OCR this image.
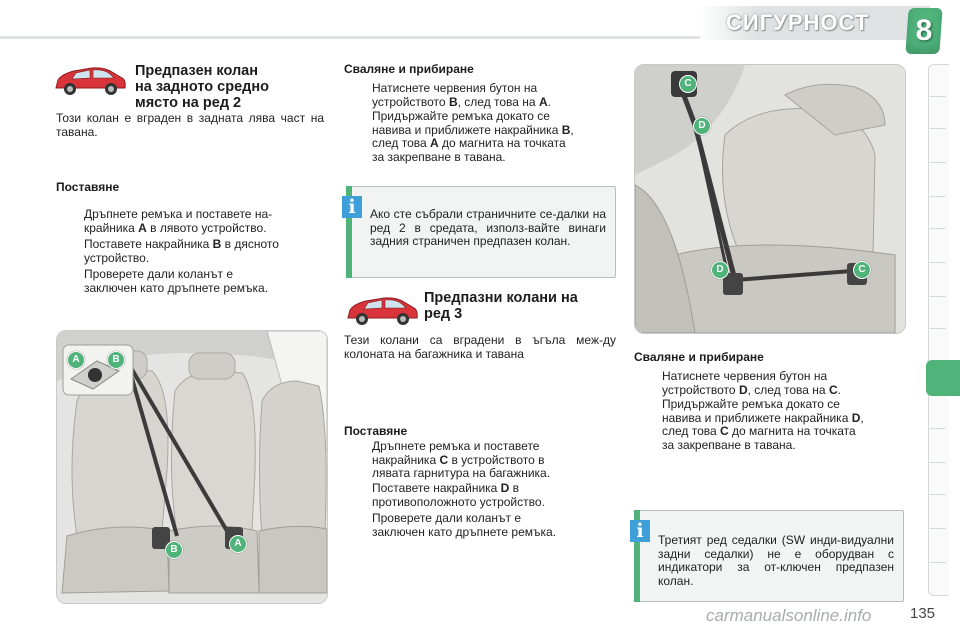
СИГУРНОСТ 8
Предпазен колан
на задното средно
място на ред 2
Този колан е вграден в задната лява част на тавана.
Поставяне
Дръпнете ремъка и поставете на-
крайника A в лявото устройство.
Поставете накрайника B в дясното
устройство.
Проверете дали коланът е
заключен като дръпнете ремъка.
A	B
B
A
Сваляне и прибиране
Натиснете червения бутон на
устройството B, след това на A.
Придържайте ремъка докато се
навива и приближете накрайника B,
след това A до магнита на точката
за закрепване в тавана.
i	Ако сте събрали страничните се-далки на ред 2 в средата, използ-вайте винаги задния страничен предпазен колан.
Предпазни колани на
ред 3
Тези колани са вградени в ъгъла меж-ду колоната на багажника и тавана
Поставяне
Дръпнете ремъка и поставете
накрайника C в устройството в
лявата гарнитура на багажника.
Поставете накрайника D в
противоположното устройство.
Проверете дали коланът е
заключен като дръпнете ремъка.
C
D
D	C
Сваляне и прибиране
Натиснете червения бутон на
устройството D, след това на C.
Придържайте ремъка докато се
навива и приближете накрайника D,
след това C до магнита на точката
за закрепване в тавана.
i	Третият ред седалки (SW инди-видуални задни седалки) не е оборудван с индикатори за от-ключен предпазен колан.
carmanualsonline.info	135
